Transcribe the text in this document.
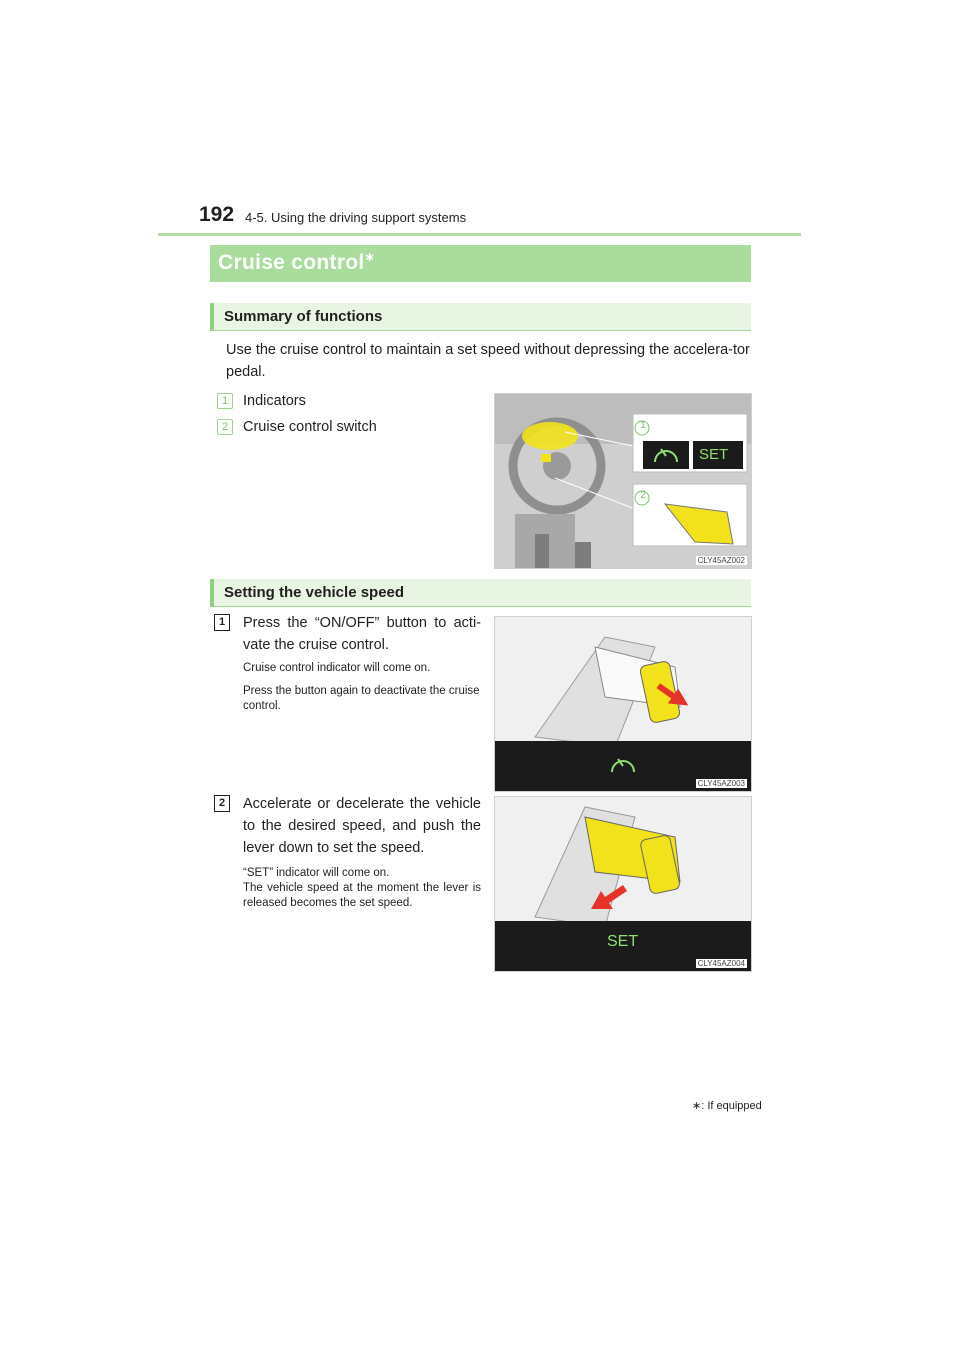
192 4-5. Using the driving support systems
Cruise control∗
Summary of functions
Use the cruise control to maintain a set speed without depressing the accelera-tor pedal.
1	Indicators
2	Cruise control switch	1
2
SET
CLY45AZ002
Setting the vehicle speed
1	Press the “ON/OFF” button to acti-vate the cruise control.
Cruise control indicator will come on.
Press the button again to deactivate the cruise control.
CLY45AZ003
2	Accelerate or decelerate the vehicle to the desired speed, and push the lever down to set the speed.
“SET” indicator will come on.
The vehicle speed at the moment the lever is released becomes the set speed.
SET
CLY45AZ004
∗: If equipped
